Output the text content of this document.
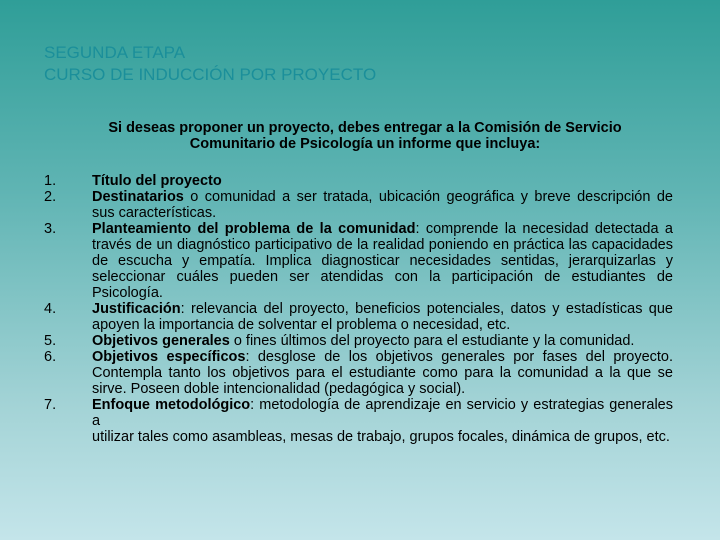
SEGUNDA ETAPA
CURSO DE INDUCCIÓN POR PROYECTO
Si deseas proponer un proyecto, debes entregar a la Comisión de Servicio Comunitario de Psicología un informe que incluya:
1.	Título del proyecto
2.	Destinatarios o comunidad a ser tratada, ubicación geográfica y breve descripción de sus características.
3.	Planteamiento del problema de la comunidad: comprende la necesidad detectada a través de un diagnóstico participativo de la realidad poniendo en práctica las capacidades de escucha y empatía. Implica diagnosticar necesidades sentidas, jerarquizarlas y seleccionar cuáles pueden ser atendidas con la participación de estudiantes de Psicología.
4.	Justificación: relevancia del proyecto, beneficios potenciales, datos y estadísticas que apoyen la importancia de solventar el problema o necesidad, etc.
5.	Objetivos generales o fines últimos del proyecto para el estudiante y la comunidad.
6.	Objetivos específicos: desglose de los objetivos generales por fases del proyecto. Contempla tanto los objetivos para el estudiante como para la comunidad a la que se sirve. Poseen doble intencionalidad (pedagógica y social).
7.	Enfoque metodológico: metodología de aprendizaje en servicio y estrategias generales a
utilizar tales como asambleas, mesas de trabajo, grupos focales, dinámica de grupos, etc.
